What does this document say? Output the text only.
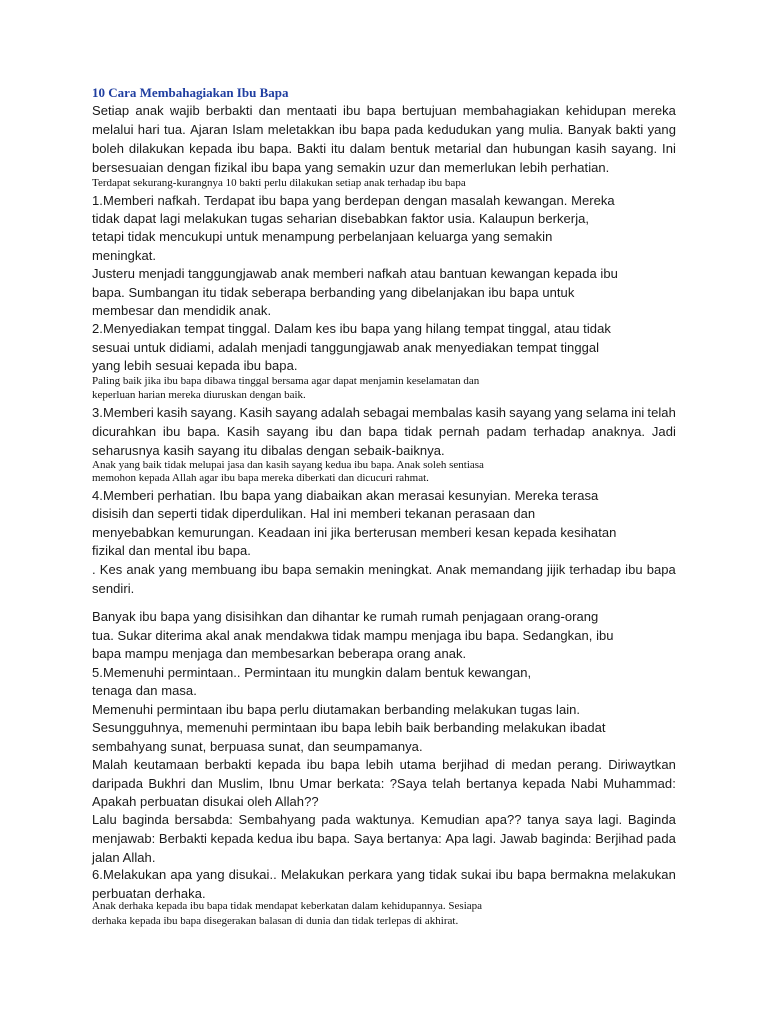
10 Cara Membahagiakan Ibu Bapa
Setiap anak wajib berbakti dan mentaati ibu bapa bertujuan membahagiakan kehidupan mereka
melalui hari tua. Ajaran Islam meletakkan ibu bapa pada kedudukan yang mulia. Banyak bakti yang
boleh dilakukan kepada ibu bapa. Bakti itu dalam bentuk metarial dan hubungan kasih sayang. Ini
bersesuaian dengan fizikal ibu bapa yang semakin uzur dan memerlukan lebih perhatian.
Terdapat sekurang-kurangnya 10 bakti perlu dilakukan setiap anak terhadap ibu bapa
1.Memberi nafkah. Terdapat ibu bapa yang berdepan dengan masalah kewangan. Mereka
tidak dapat lagi melakukan tugas seharian disebabkan faktor usia. Kalaupun berkerja,
tetapi tidak mencukupi untuk menampung perbelanjaan keluarga yang semakin
meningkat.
Justeru menjadi tanggungjawab anak memberi nafkah atau bantuan kewangan kepada ibu
bapa. Sumbangan itu tidak seberapa berbanding yang dibelanjakan ibu bapa untuk
membesar dan mendidik anak.
2.Menyediakan tempat tinggal. Dalam kes ibu bapa yang hilang tempat tinggal, atau tidak
sesuai untuk didiami, adalah menjadi tanggungjawab anak menyediakan tempat tinggal
yang lebih sesuai kepada ibu bapa.
Paling baik jika ibu bapa dibawa tinggal bersama agar dapat menjamin keselamatan dan
keperluan harian mereka diuruskan dengan baik.
3.Memberi kasih sayang. Kasih sayang adalah sebagai membalas kasih sayang yang selama ini telah
dicurahkan ibu bapa. Kasih sayang ibu dan bapa tidak pernah padam terhadap anaknya. Jadi
seharusnya kasih sayang itu dibalas dengan sebaik-baiknya.
Anak yang baik tidak melupai jasa dan kasih sayang kedua ibu bapa. Anak soleh sentiasa
memohon kepada Allah agar ibu bapa mereka diberkati dan dicucuri rahmat.
4.Memberi perhatian. Ibu bapa yang diabaikan akan merasai kesunyian. Mereka terasa
disisih dan seperti tidak diperdulikan. Hal ini memberi tekanan perasaan dan
menyebabkan kemurungan. Keadaan ini jika berterusan memberi kesan kepada kesihatan
fizikal dan mental ibu bapa.
. Kes anak yang membuang ibu bapa semakin meningkat. Anak memandang jijik terhadap ibu bapa
sendiri.
Banyak ibu bapa yang disisihkan dan dihantar ke rumah rumah penjagaan orang-orang
tua. Sukar diterima akal anak mendakwa tidak mampu menjaga ibu bapa. Sedangkan, ibu
bapa mampu menjaga dan membesarkan beberapa orang anak.
5.Memenuhi permintaan.. Permintaan itu mungkin dalam bentuk kewangan,
tenaga dan masa.
Memenuhi permintaan ibu bapa perlu diutamakan berbanding melakukan tugas lain.
Sesungguhnya, memenuhi permintaan ibu bapa lebih baik berbanding melakukan ibadat
sembahyang sunat, berpuasa sunat, dan seumpamanya.
Malah keutamaan berbakti kepada ibu bapa lebih utama berjihad di medan perang. Diriwaytkan
daripada Bukhri dan Muslim, Ibnu Umar berkata: ?Saya telah bertanya kepada Nabi Muhammad:
Apakah perbuatan disukai oleh Allah??
Lalu baginda bersabda: Sembahyang pada waktunya. Kemudian apa?? tanya saya lagi. Baginda
menjawab: Berbakti kepada kedua ibu bapa. Saya bertanya: Apa lagi. Jawab baginda: Berjihad pada
jalan Allah.
6.Melakukan apa yang disukai.. Melakukan perkara yang tidak sukai ibu bapa bermakna melakukan
perbuatan derhaka.
Anak derhaka kepada ibu bapa tidak mendapat keberkatan dalam kehidupannya. Sesiapa
derhaka kepada ibu bapa disegerakan balasan di dunia dan tidak terlepas di akhirat.
